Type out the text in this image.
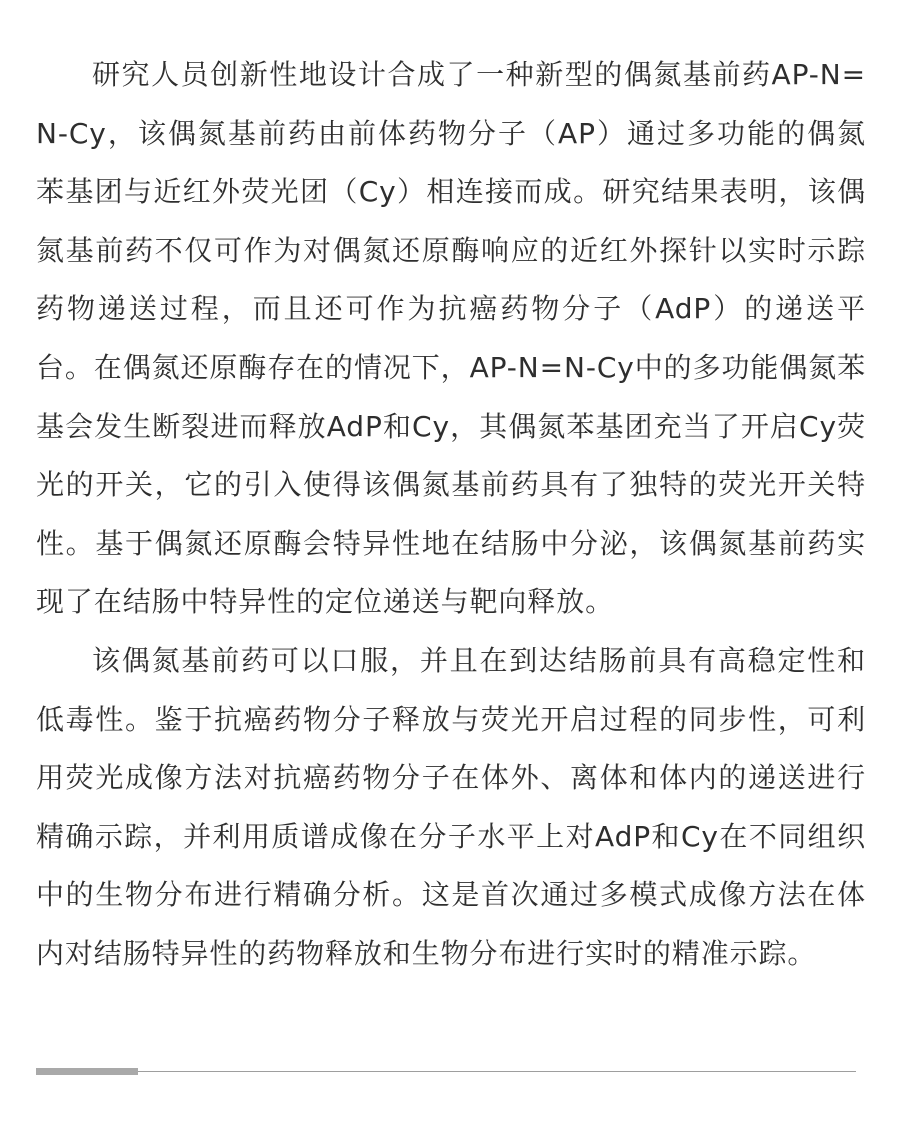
研究人员创新性地设计合成了一种新型的偶氮基前药AP-N=N-Cy，该偶氮基前药由前体药物分子（AP）通过多功能的偶氮苯基团与近红外荧光团（Cy）相连接而成。研究结果表明，该偶氮基前药不仅可作为对偶氮还原酶响应的近红外探针以实时示踪药物递送过程，而且还可作为抗癌药物分子（AdP）的递送平台。在偶氮还原酶存在的情况下，AP-N=N-Cy中的多功能偶氮苯基会发生断裂进而释放AdP和Cy，其偶氮苯基团充当了开启Cy荧光的开关，它的引入使得该偶氮基前药具有了独特的荧光开关特性。基于偶氮还原酶会特异性地在结肠中分泌，该偶氮基前药实现了在结肠中特异性的定位递送与靶向释放。

该偶氮基前药可以口服，并且在到达结肠前具有高稳定性和低毒性。鉴于抗癌药物分子释放与荧光开启过程的同步性，可利用荧光成像方法对抗癌药物分子在体外、离体和体内的递送进行精确示踪，并利用质谱成像在分子水平上对AdP和Cy在不同组织中的生物分布进行精确分析。这是首次通过多模式成像方法在体内对结肠特异性的药物释放和生物分布进行实时的精准示踪。
